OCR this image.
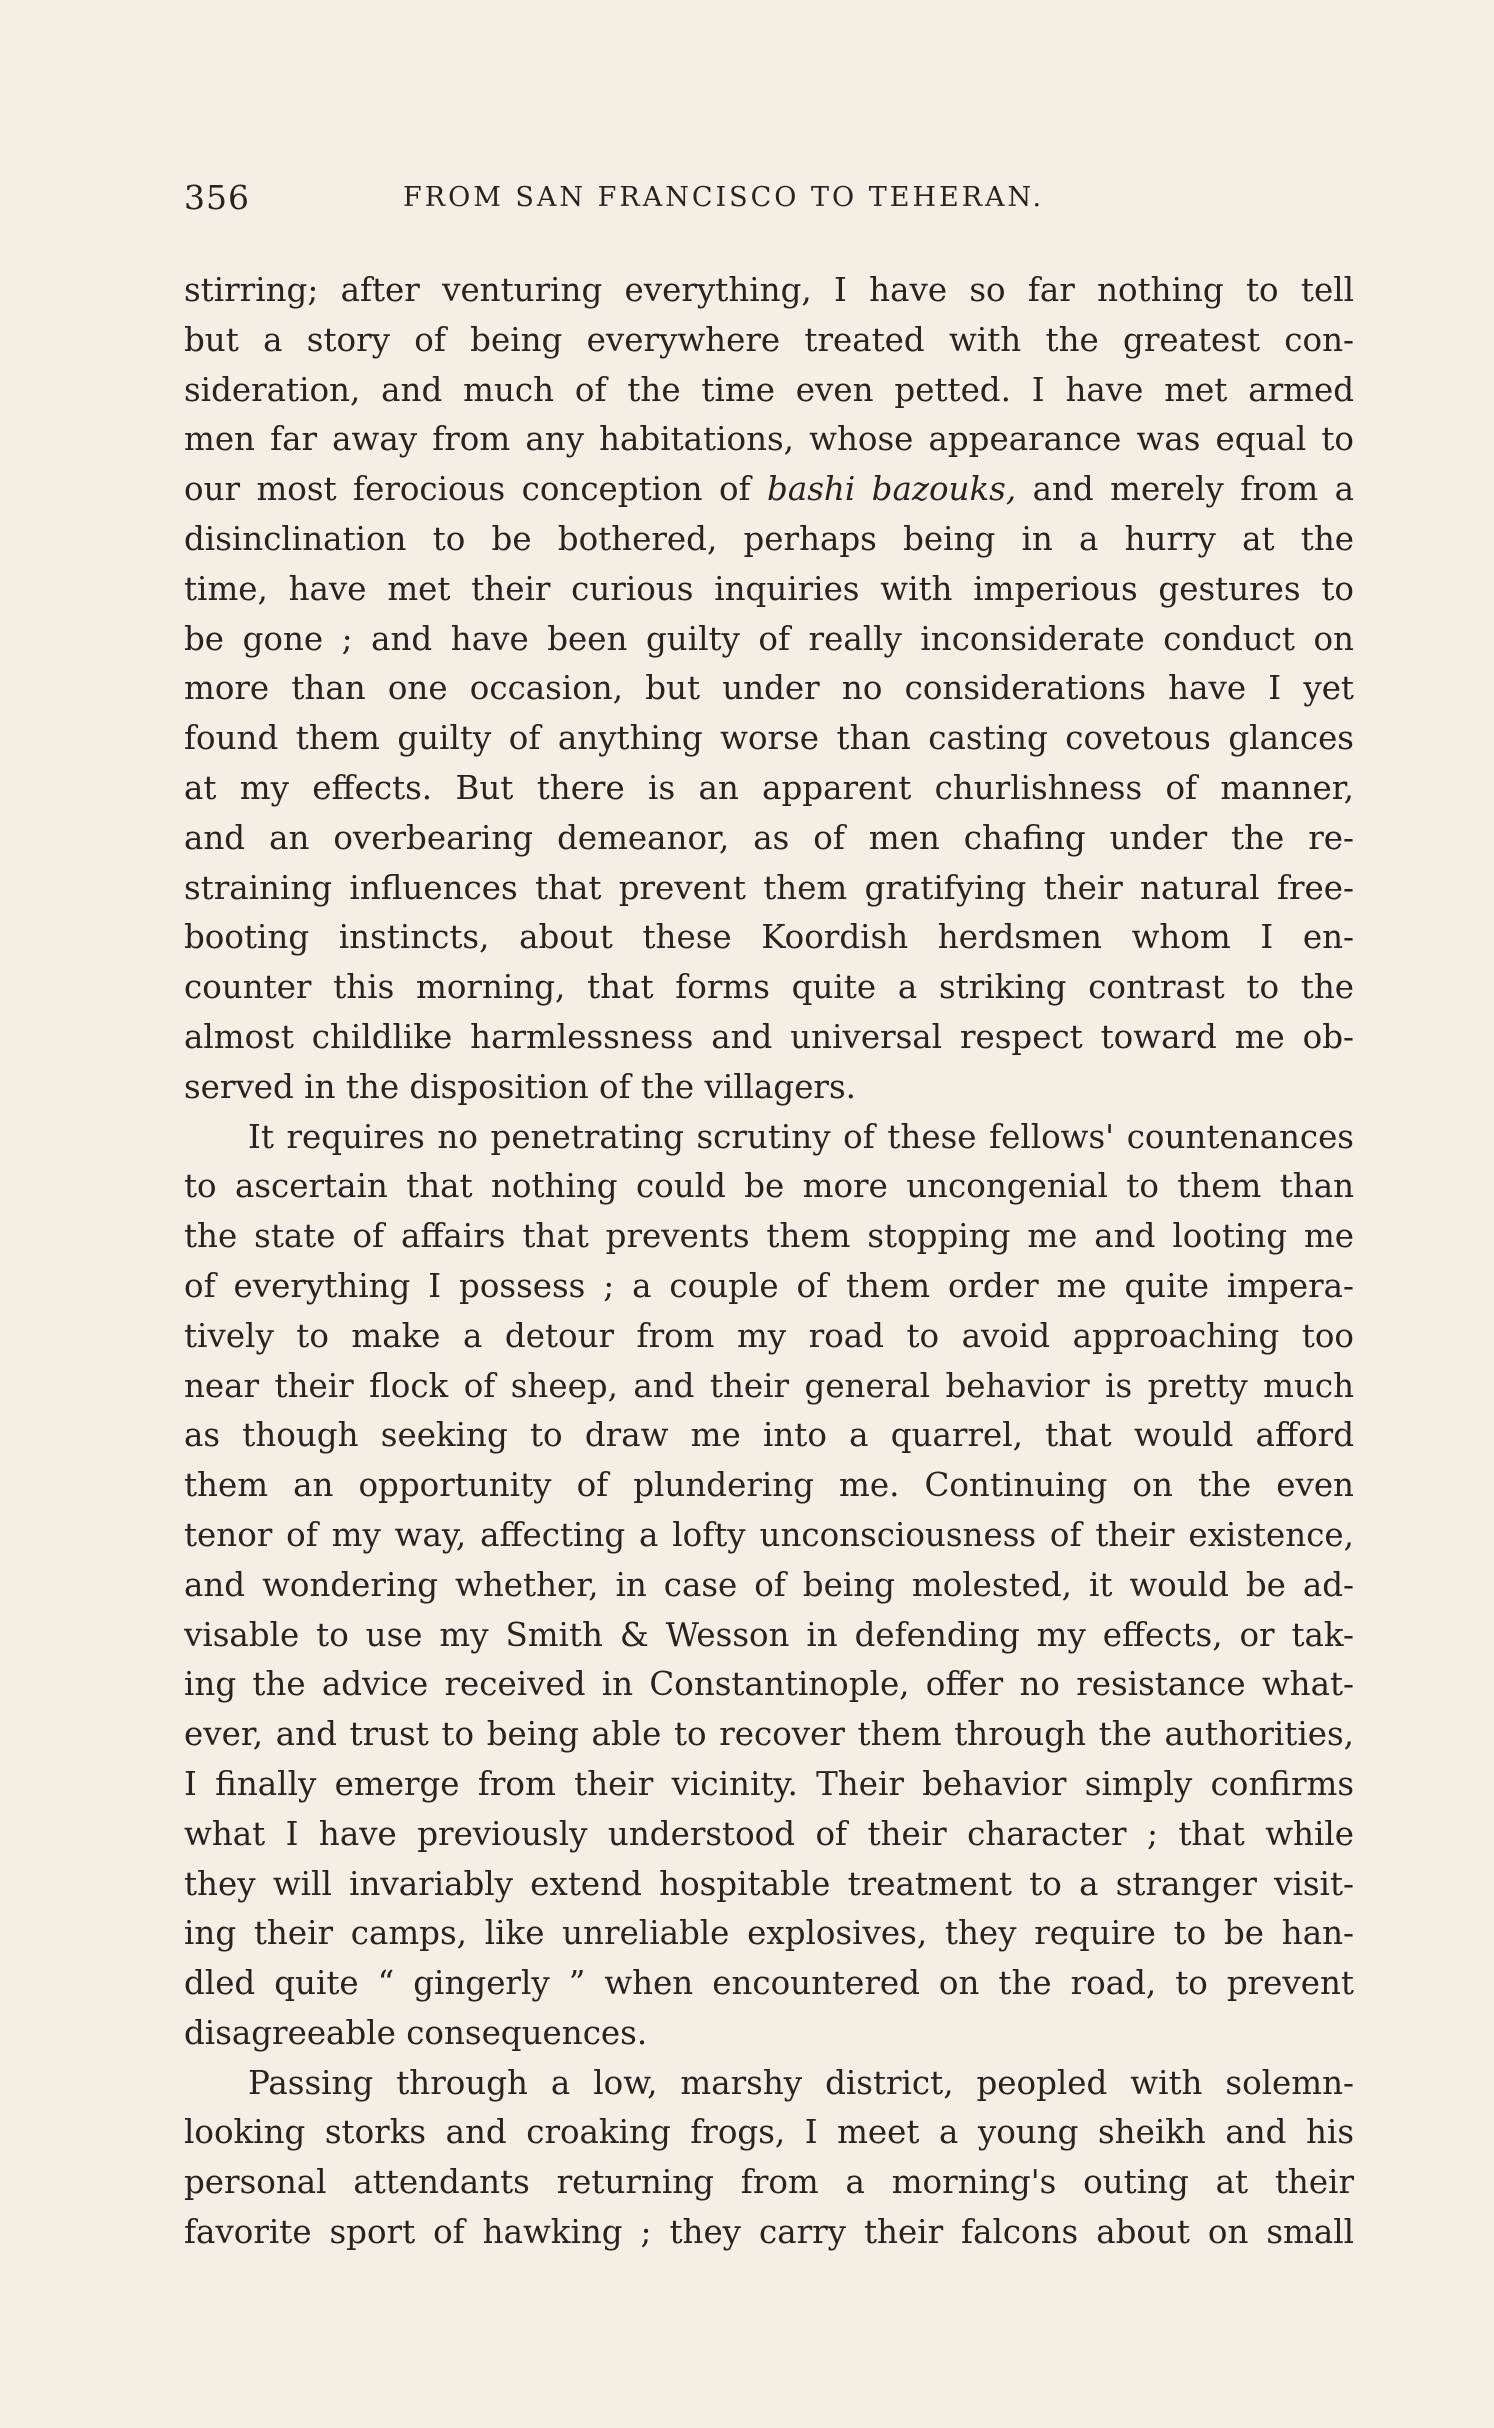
356	FROM SAN FRANCISCO TO TEHERAN.
stirring; after venturing everything, I have so far nothing to tell
but a story of being everywhere treated with the greatest con-
sideration, and much of the time even petted. I have met armed
men far away from any habitations, whose appearance was equal to
our most ferocious conception of bashi bazouks, and merely from a
disinclination to be bothered, perhaps being in a hurry at the
time, have met their curious inquiries with imperious gestures to
be gone ; and have been guilty of really inconsiderate conduct on
more than one occasion, but under no considerations have I yet
found them guilty of anything worse than casting covetous glances
at my effects. But there is an apparent churlishness of manner,
and an overbearing demeanor, as of men chafing under the re-
straining influences that prevent them gratifying their natural free-
booting instincts, about these Koordish herdsmen whom I en-
counter this morning, that forms quite a striking contrast to the
almost childlike harmlessness and universal respect toward me ob-
served in the disposition of the villagers.
It requires no penetrating scrutiny of these fellows' countenances
to ascertain that nothing could be more uncongenial to them than
the state of affairs that prevents them stopping me and looting me
of everything I possess ; a couple of them order me quite impera-
tively to make a detour from my road to avoid approaching too
near their flock of sheep, and their general behavior is pretty much
as though seeking to draw me into a quarrel, that would afford
them an opportunity of plundering me. Continuing on the even
tenor of my way, affecting a lofty unconsciousness of their existence,
and wondering whether, in case of being molested, it would be ad-
visable to use my Smith & Wesson in defending my effects, or tak-
ing the advice received in Constantinople, offer no resistance what-
ever, and trust to being able to recover them through the authorities,
I finally emerge from their vicinity. Their behavior simply confirms
what I have previously understood of their character ; that while
they will invariably extend hospitable treatment to a stranger visit-
ing their camps, like unreliable explosives, they require to be han-
dled quite “ gingerly ” when encountered on the road, to prevent
disagreeable consequences.
Passing through a low, marshy district, peopled with solemn-
looking storks and croaking frogs, I meet a young sheikh and his
personal attendants returning from a morning's outing at their
favorite sport of hawking ; they carry their falcons about on small
